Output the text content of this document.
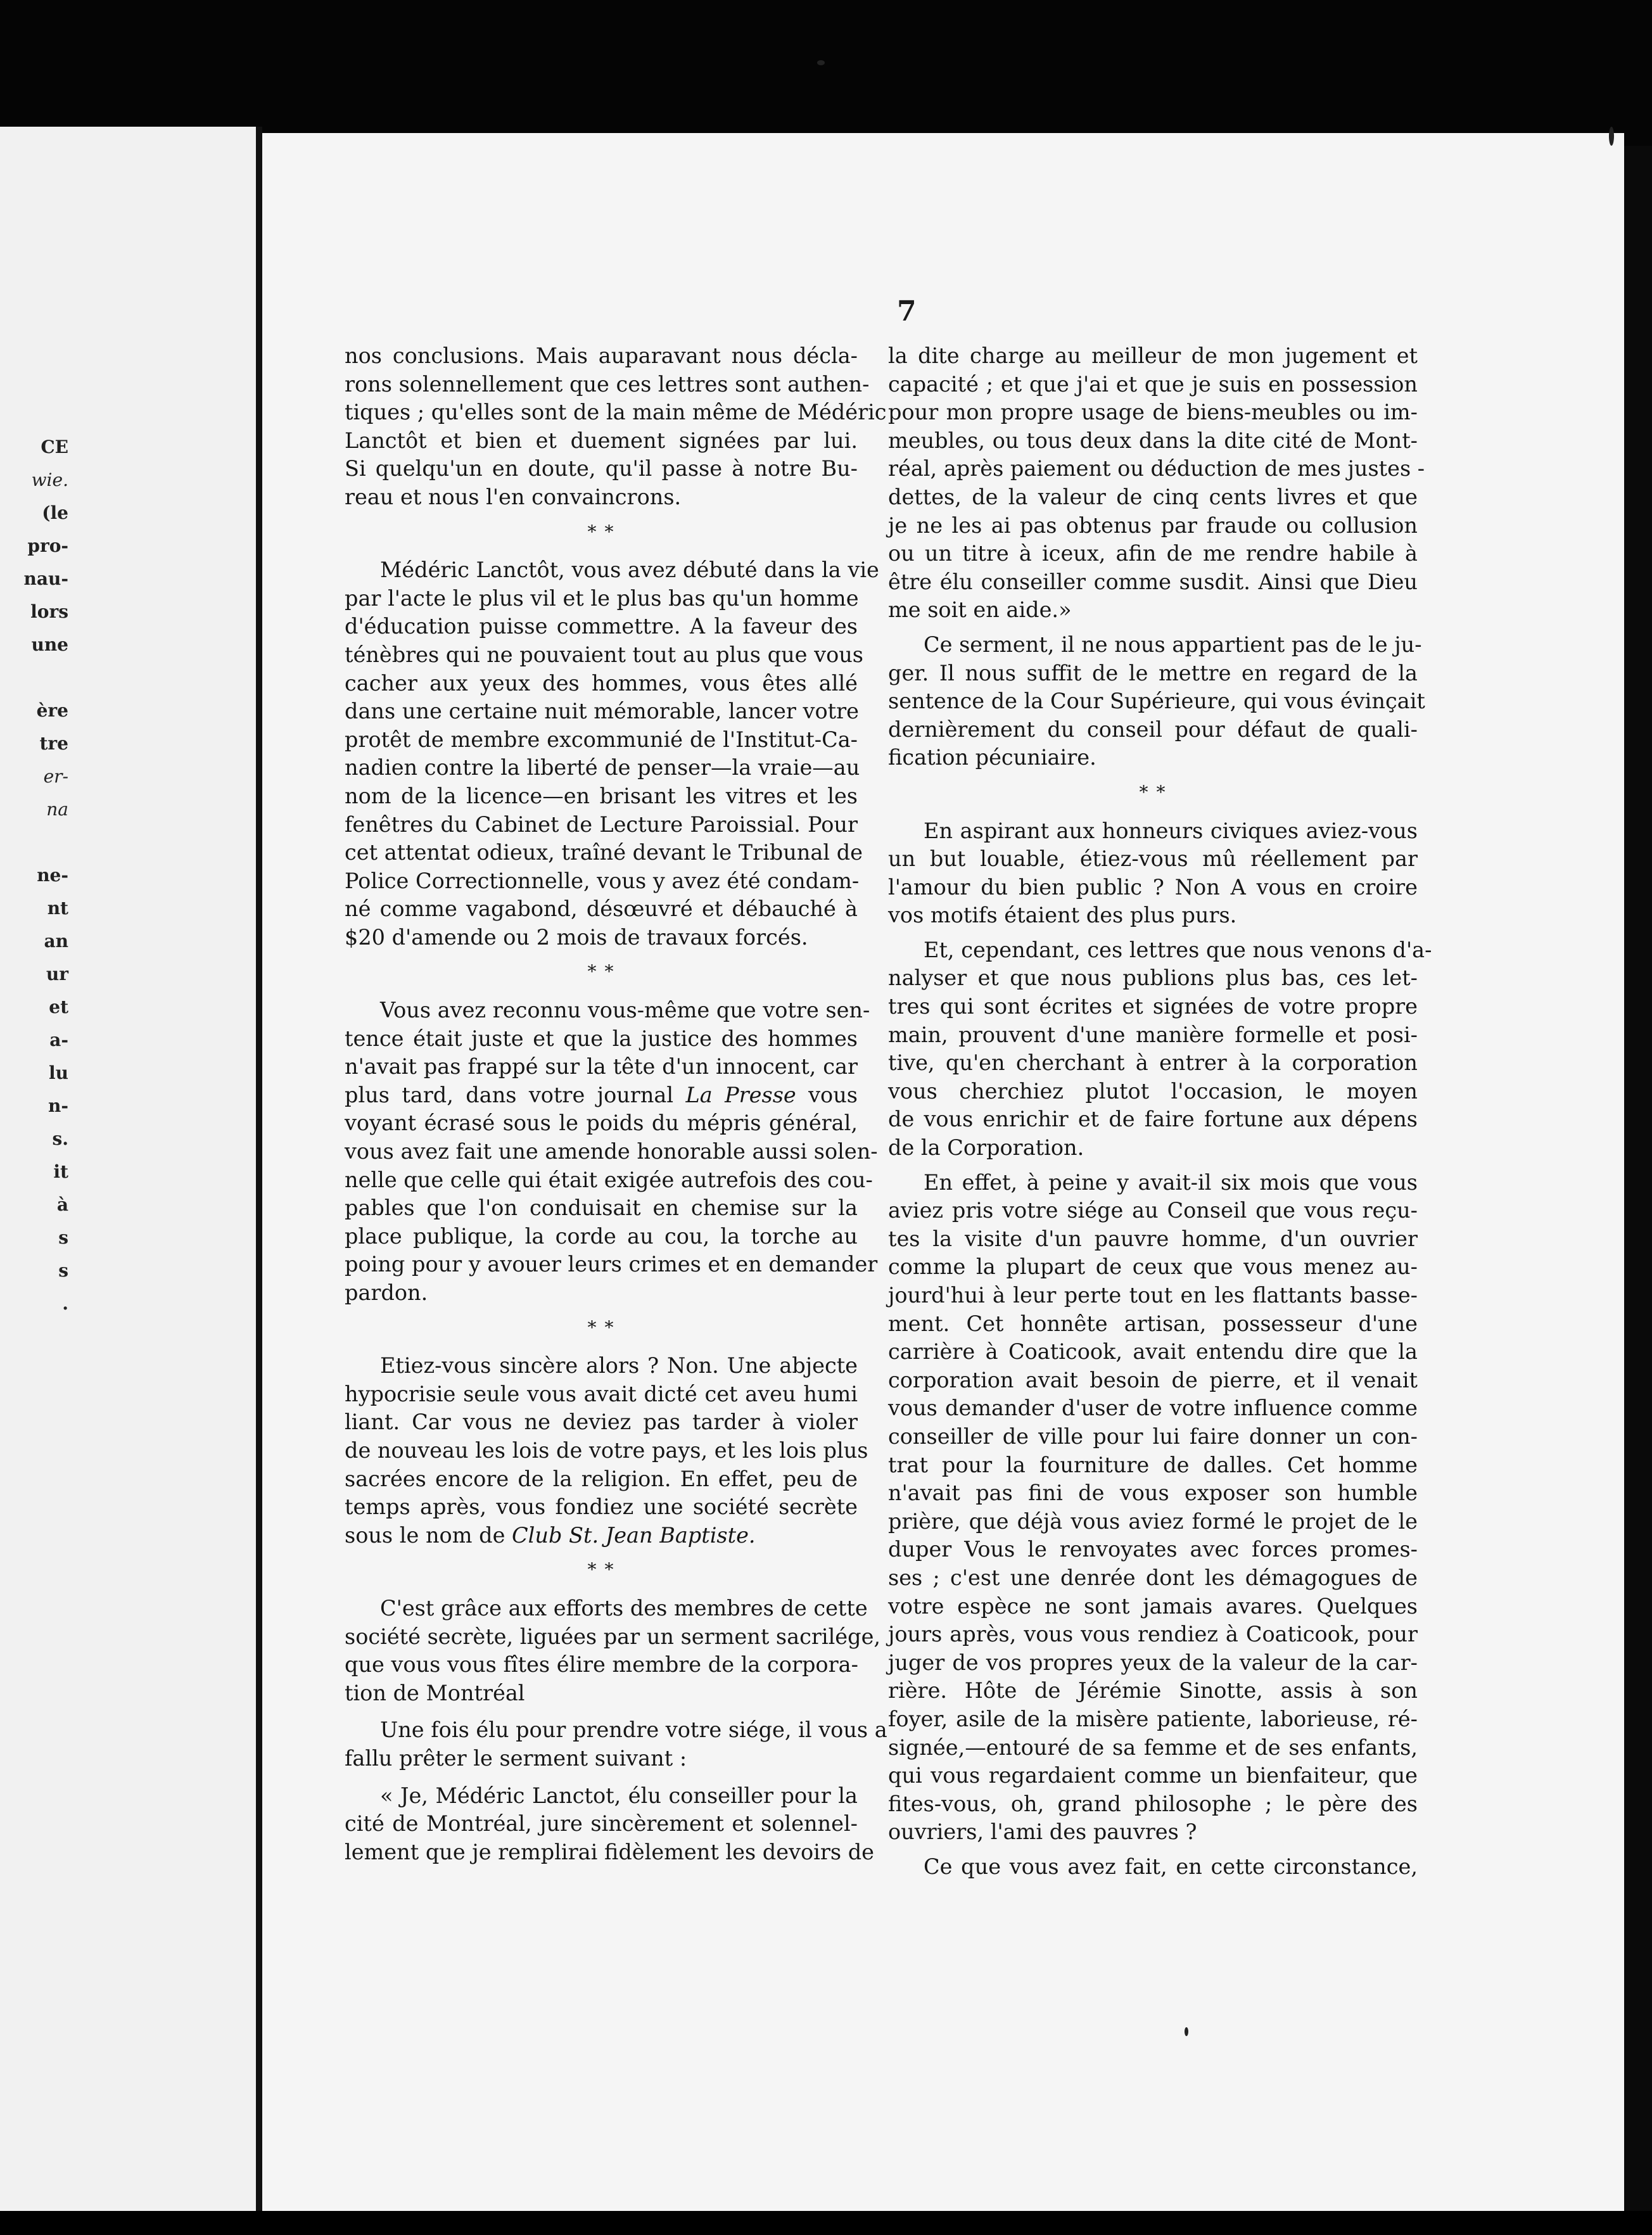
CE
wie.
(le
pro-
nau-
lors
une

ère
tre
er-
na

ne-
nt
an
ur
et
a-
lu
n-
s.
it
à
s
s
.
7
nos conclusions. Mais auparavant nous décla-
rons solennellement que ces lettres sont authen-
tiques ; qu'elles sont de la main même de Médéric
Lanctôt et bien et duement signées par lui.
Si quelqu'un en doute, qu'il passe à notre Bu-
reau et nous l'en convaincrons.

* *

Médéric Lanctôt, vous avez débuté dans la vie
par l'acte le plus vil et le plus bas qu'un homme
d'éducation puisse commettre. A la faveur des
ténèbres qui ne pouvaient tout au plus que vous
cacher aux yeux des hommes, vous êtes allé
dans une certaine nuit mémorable, lancer votre
protêt de membre excommunié de l'Institut-Ca-
nadien contre la liberté de penser—la vraie—au
nom de la licence—en brisant les vitres et les
fenêtres du Cabinet de Lecture Paroissial. Pour
cet attentat odieux, traîné devant le Tribunal de
Police Correctionnelle, vous y avez été condam-
né comme vagabond, désœuvré et débauché à
$20 d'amende ou 2 mois de travaux forcés.

* *

Vous avez reconnu vous-même que votre sen-
tence était juste et que la justice des hommes
n'avait pas frappé sur la tête d'un innocent, car
plus tard, dans votre journal La Presse vous
voyant écrasé sous le poids du mépris général,
vous avez fait une amende honorable aussi solen-
nelle que celle qui était exigée autrefois des cou-
pables que l'on conduisait en chemise sur la
place publique, la corde au cou, la torche au
poing pour y avouer leurs crimes et en demander
pardon.

* *

Etiez-vous sincère alors ? Non. Une abjecte
hypocrisie seule vous avait dicté cet aveu humi
liant. Car vous ne deviez pas tarder à violer
de nouveau les lois de votre pays, et les lois plus
sacrées encore de la religion. En effet, peu de
temps après, vous fondiez une société secrète
sous le nom de Club St. Jean Baptiste.

* *

C'est grâce aux efforts des membres de cette
société secrète, liguées par un serment sacrilége,
que vous vous fîtes élire membre de la corpora-
tion de Montréal
Une fois élu pour prendre votre siége, il vous a
fallu prêter le serment suivant :
« Je, Médéric Lanctot, élu conseiller pour la
cité de Montréal, jure sincèrement et solennel-
lement que je remplirai fidèlement les devoirs de
la dite charge au meilleur de mon jugement et
capacité ; et que j'ai et que je suis en possession
pour mon propre usage de biens-meubles ou im-
meubles, ou tous deux dans la dite cité de Mont-
réal, après paiement ou déduction de mes justes -
dettes, de la valeur de cinq cents livres et que
je ne les ai pas obtenus par fraude ou collusion
ou un titre à iceux, afin de me rendre habile à
être élu conseiller comme susdit. Ainsi que Dieu
me soit en aide.»
Ce serment, il ne nous appartient pas de le ju-
ger. Il nous suffit de le mettre en regard de la
sentence de la Cour Supérieure, qui vous évinçait
dernièrement du conseil pour défaut de quali-
fication pécuniaire.

* *

En aspirant aux honneurs civiques aviez-vous
un but louable, étiez-vous mû réellement par
l'amour du bien public ? Non A vous en croire
vos motifs étaient des plus purs.
Et, cependant, ces lettres que nous venons d'a-
nalyser et que nous publions plus bas, ces let-
tres qui sont écrites et signées de votre propre
main, prouvent d'une manière formelle et posi-
tive, qu'en cherchant à entrer à la corporation
vous cherchiez plutot l'occasion, le moyen
de vous enrichir et de faire fortune aux dépens
de la Corporation.
En effet, à peine y avait-il six mois que vous
aviez pris votre siége au Conseil que vous reçu-
tes la visite d'un pauvre homme, d'un ouvrier
comme la plupart de ceux que vous menez au-
jourd'hui à leur perte tout en les flattants basse-
ment. Cet honnête artisan, possesseur d'une
carrière à Coaticook, avait entendu dire que la
corporation avait besoin de pierre, et il venait
vous demander d'user de votre influence comme
conseiller de ville pour lui faire donner un con-
trat pour la fourniture de dalles. Cet homme
n'avait pas fini de vous exposer son humble
prière, que déjà vous aviez formé le projet de le
duper Vous le renvoyates avec forces promes-
ses ; c'est une denrée dont les démagogues de
votre espèce ne sont jamais avares. Quelques
jours après, vous vous rendiez à Coaticook, pour
juger de vos propres yeux de la valeur de la car-
rière. Hôte de Jérémie Sinotte, assis à son
foyer, asile de la misère patiente, laborieuse, ré-
signée,—entouré de sa femme et de ses enfants,
qui vous regardaient comme un bienfaiteur, que
fites-vous, oh, grand philosophe ; le père des
ouvriers, l'ami des pauvres ?
Ce que vous avez fait, en cette circonstance,
